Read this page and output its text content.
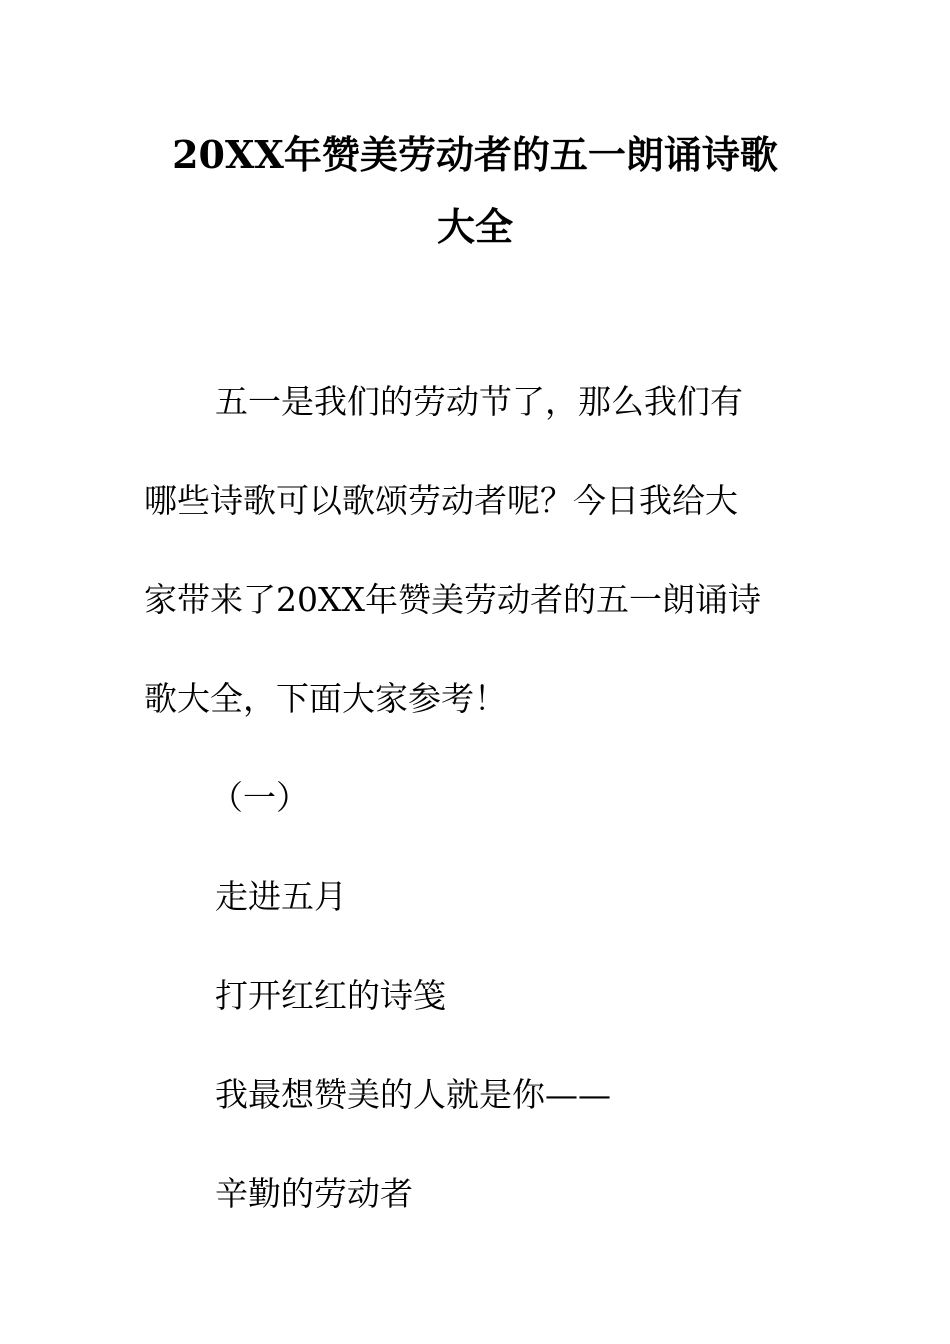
20XX年赞美劳动者的五一朗诵诗歌
大全
五一是我们的劳动节了，那么我们有
哪些诗歌可以歌颂劳动者呢？今日我给大
家带来了20XX年赞美劳动者的五一朗诵诗
歌大全，下面大家参考！
（一）
走进五月
打开红红的诗笺
我最想赞美的人就是你——
辛勤的劳动者
